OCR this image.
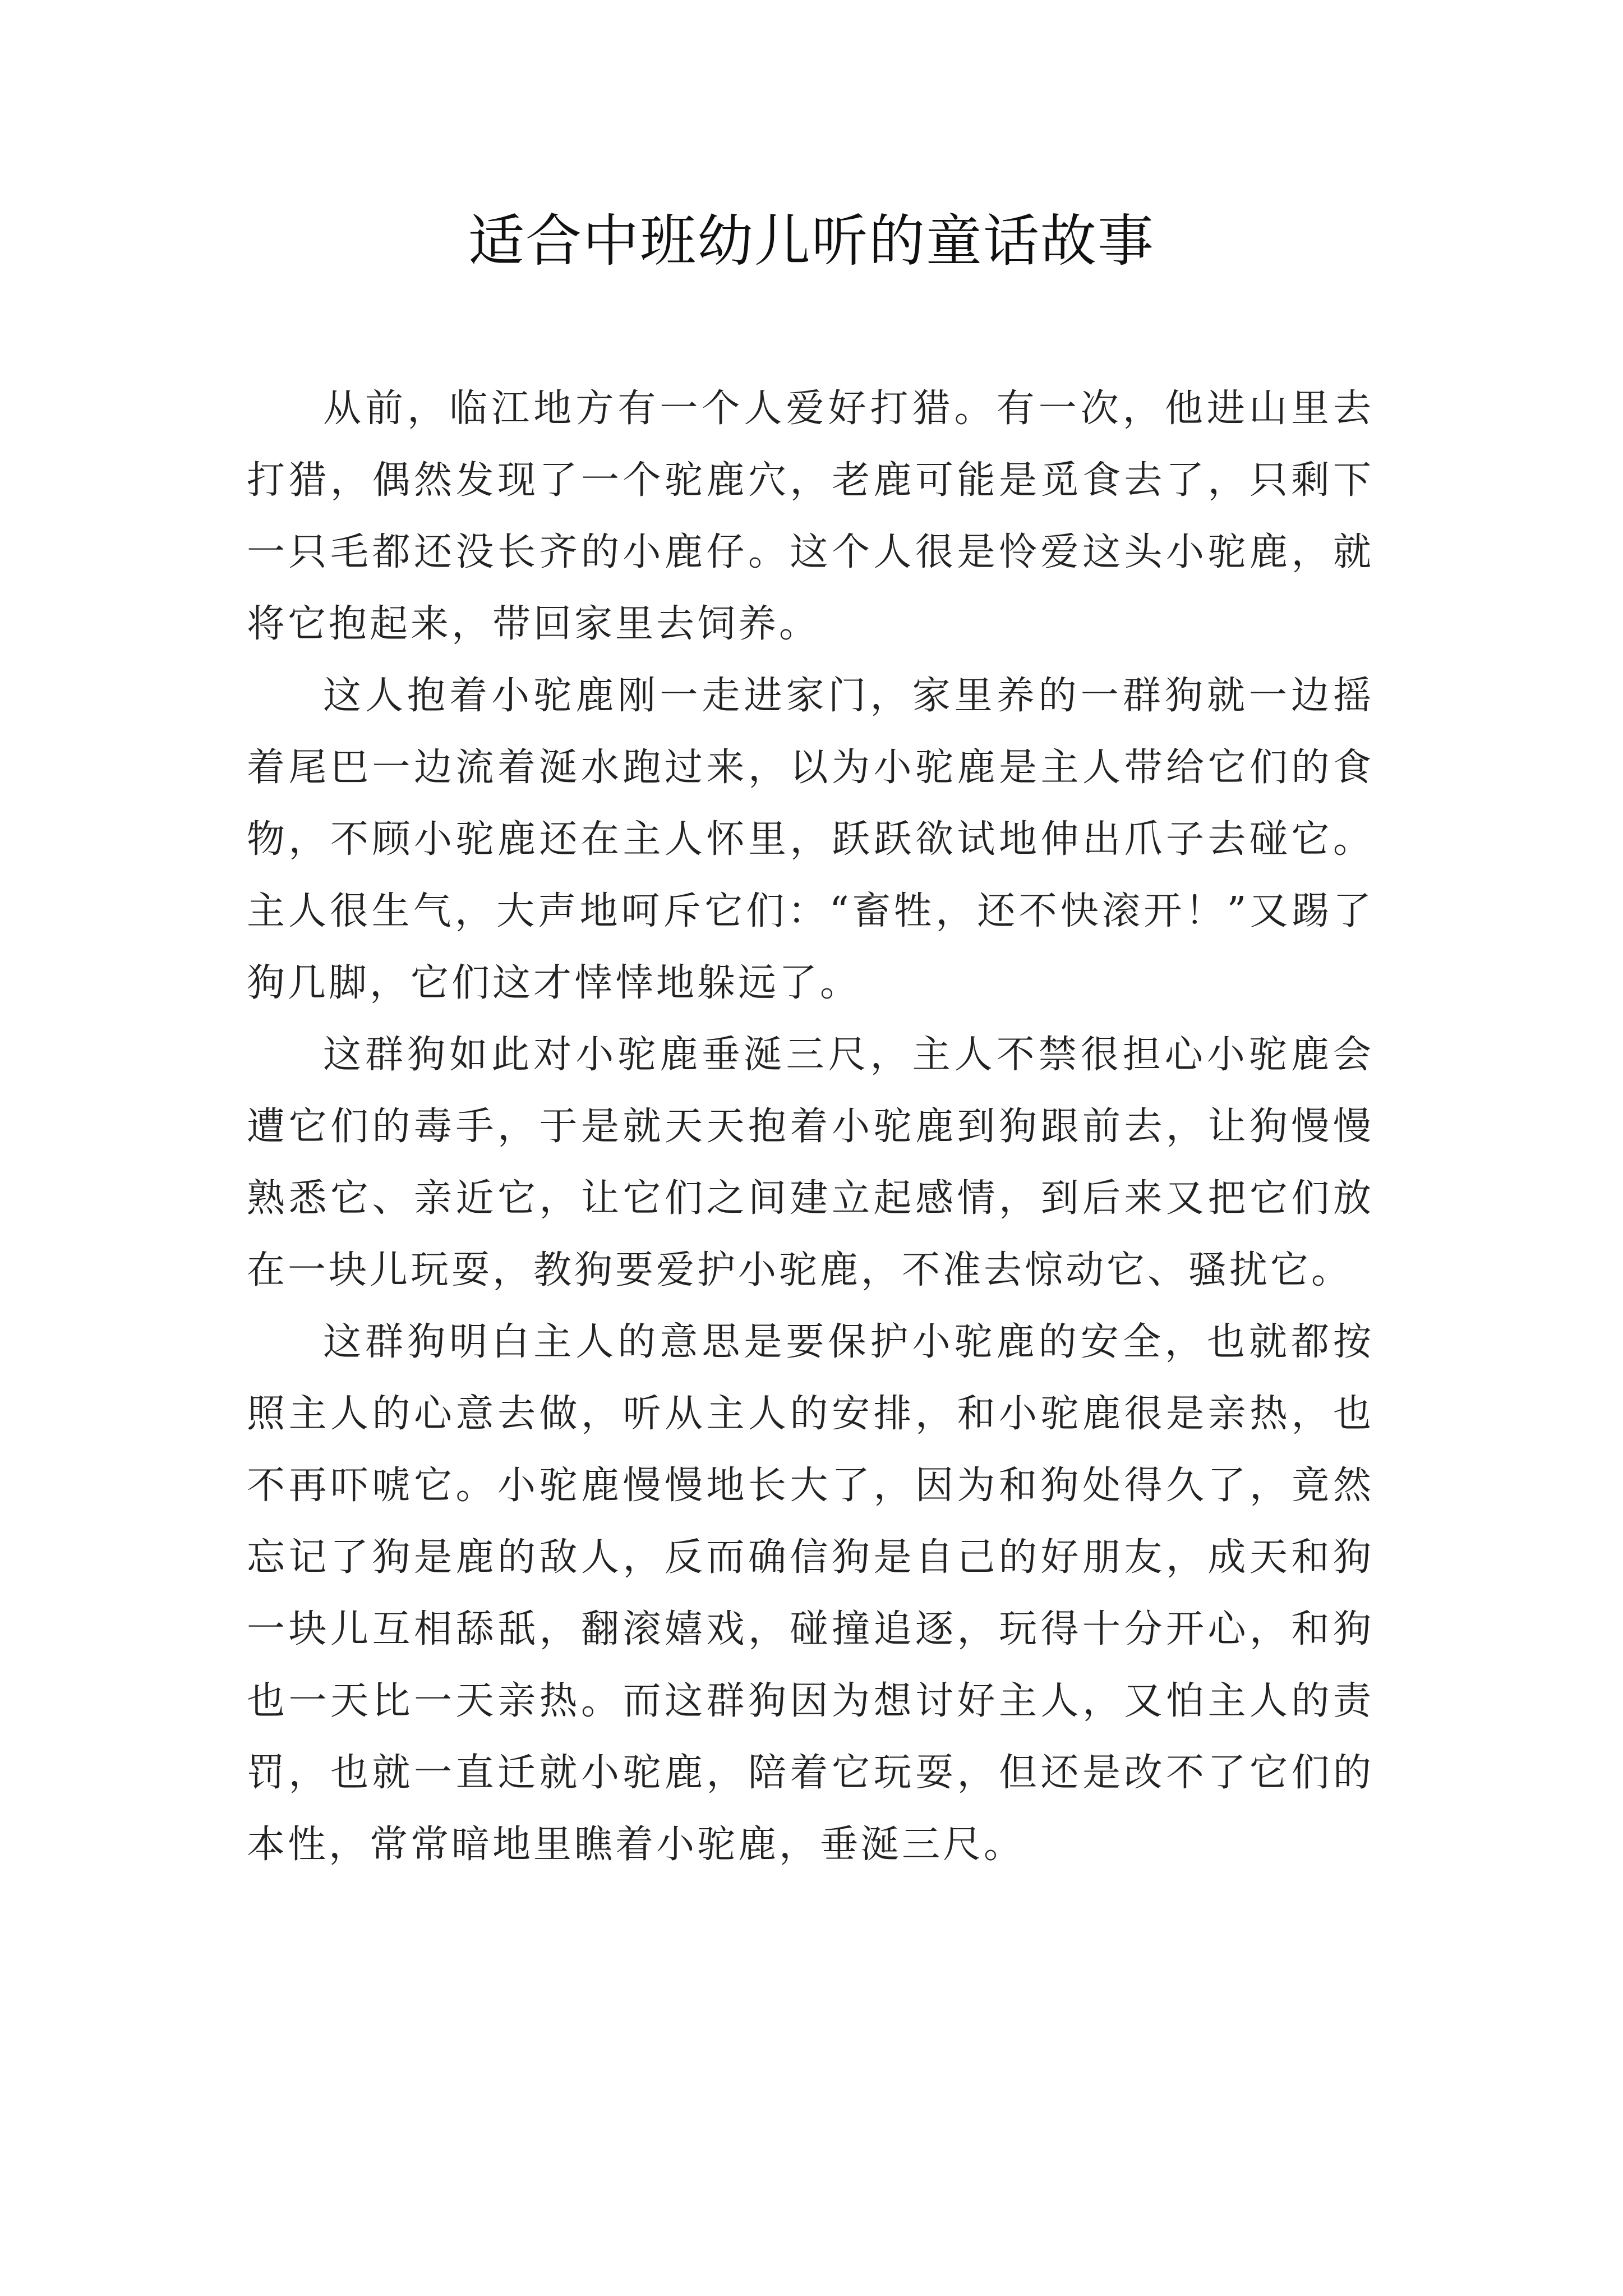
适合中班幼儿听的童话故事

从前，临江地方有一个人爱好打猎。有一次，他进山里去打猎，偶然发现了一个驼鹿穴，老鹿可能是觅食去了，只剩下一只毛都还没长齐的小鹿仔。这个人很是怜爱这头小驼鹿，就将它抱起来，带回家里去饲养。

这人抱着小驼鹿刚一走进家门，家里养的一群狗就一边摇着尾巴一边流着涎水跑过来，以为小驼鹿是主人带给它们的食物，不顾小驼鹿还在主人怀里，跃跃欲试地伸出爪子去碰它。主人很生气，大声地呵斥它们：“畜牲，还不快滚开！”又踢了狗几脚，它们这才悻悻地躲远了。

这群狗如此对小驼鹿垂涎三尺，主人不禁很担心小驼鹿会遭它们的毒手，于是就天天抱着小驼鹿到狗跟前去，让狗慢慢熟悉它、亲近它，让它们之间建立起感情，到后来又把它们放在一块儿玩耍，教狗要爱护小驼鹿，不准去惊动它、骚扰它。

这群狗明白主人的意思是要保护小驼鹿的安全，也就都按照主人的心意去做，听从主人的安排，和小驼鹿很是亲热，也不再吓唬它。小驼鹿慢慢地长大了，因为和狗处得久了，竟然忘记了狗是鹿的敌人，反而确信狗是自己的好朋友，成天和狗一块儿互相舔舐，翻滚嬉戏，碰撞追逐，玩得十分开心，和狗也一天比一天亲热。而这群狗因为想讨好主人，又怕主人的责罚，也就一直迁就小驼鹿，陪着它玩耍，但还是改不了它们的本性，常常暗地里瞧着小驼鹿，垂涎三尺。
